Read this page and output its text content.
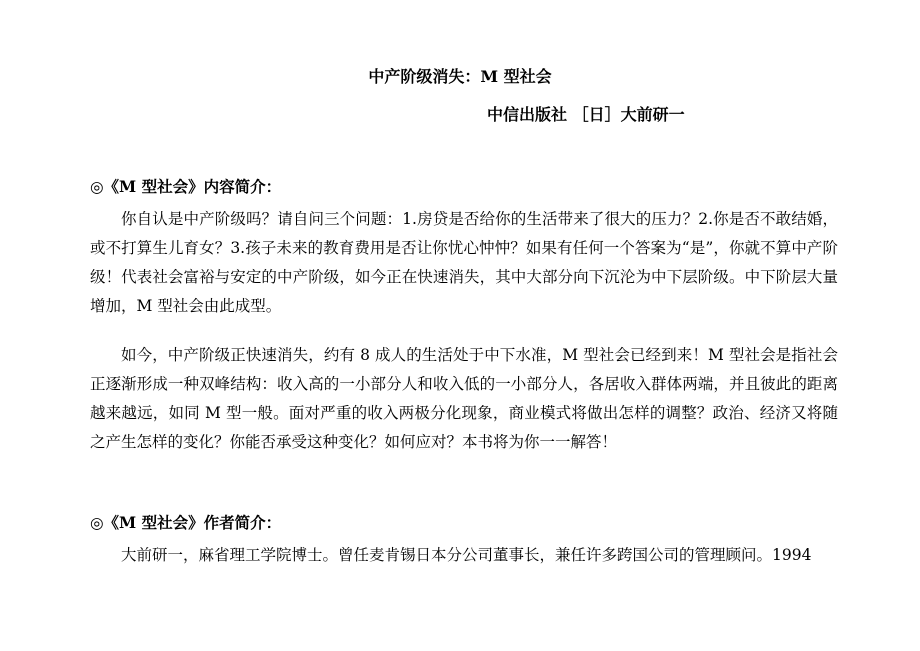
中产阶级消失：M 型社会
中信出版社 ［日］大前研一
◎《M 型社会》内容简介：
你自认是中产阶级吗？请自问三个问题：1.房贷是否给你的生活带来了很大的压力？2.你是否不敢结婚，或不打算生儿育女？3.孩子未来的教育费用是否让你忧心忡忡？如果有任何一个答案为“是”，你就不算中产阶级！代表社会富裕与安定的中产阶级，如今正在快速消失，其中大部分向下沉沦为中下层阶级。中下阶层大量增加，M 型社会由此成型。
如今，中产阶级正快速消失，约有 8 成人的生活处于中下水准，M 型社会已经到来！M 型社会是指社会正逐渐形成一种双峰结构：收入高的一小部分人和收入低的一小部分人，各居收入群体两端，并且彼此的距离越来越远，如同 M 型一般。面对严重的收入两极分化现象，商业模式将做出怎样的调整？政治、经济又将随之产生怎样的变化？你能否承受这种变化？如何应对？本书将为你一一解答！
◎《M 型社会》作者简介：
大前研一，麻省理工学院博士。曾任麦肯锡日本分公司董事长，兼任许多跨国公司的管理顾问。1994
